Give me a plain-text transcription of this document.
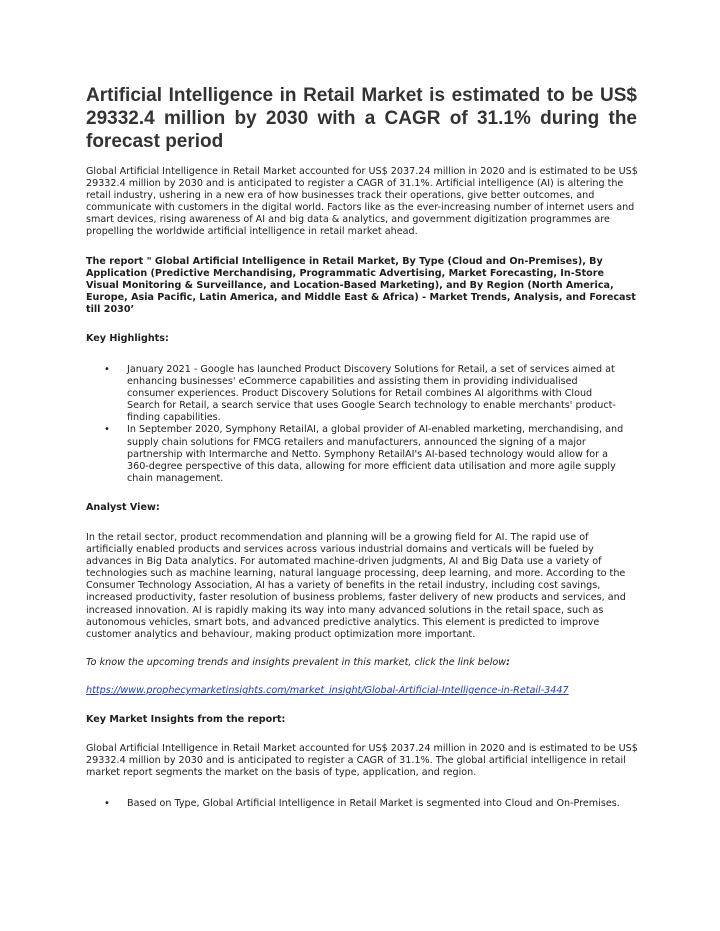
Artificial Intelligence in Retail Market is estimated to be US$ 29332.4 million by 2030 with a CAGR of 31.1% during the forecast period

Global Artificial Intelligence in Retail Market accounted for US$ 2037.24 million in 2020 and is estimated to be US$ 29332.4 million by 2030 and is anticipated to register a CAGR of 31.1%. Artificial intelligence (AI) is altering the retail industry, ushering in a new era of how businesses track their operations, give better outcomes, and communicate with customers in the digital world. Factors like as the ever-increasing number of internet users and smart devices, rising awareness of AI and big data & analytics, and government digitization programmes are propelling the worldwide artificial intelligence in retail market ahead.

The report " Global Artificial Intelligence in Retail Market, By Type (Cloud and On-Premises), By Application (Predictive Merchandising, Programmatic Advertising, Market Forecasting, In-Store Visual Monitoring & Surveillance, and Location-Based Marketing), and By Region (North America, Europe, Asia Pacific, Latin America, and Middle East & Africa) - Market Trends, Analysis, and Forecast till 2030’

Key Highlights:

• January 2021 - Google has launched Product Discovery Solutions for Retail, a set of services aimed at enhancing businesses' eCommerce capabilities and assisting them in providing individualised consumer experiences. Product Discovery Solutions for Retail combines AI algorithms with Cloud Search for Retail, a search service that uses Google Search technology to enable merchants' product-finding capabilities.
• In September 2020, Symphony RetailAI, a global provider of AI-enabled marketing, merchandising, and supply chain solutions for FMCG retailers and manufacturers, announced the signing of a major partnership with Intermarche and Netto. Symphony RetailAI's AI-based technology would allow for a 360-degree perspective of this data, allowing for more efficient data utilisation and more agile supply chain management.

Analyst View:

In the retail sector, product recommendation and planning will be a growing field for AI. The rapid use of artificially enabled products and services across various industrial domains and verticals will be fueled by advances in Big Data analytics. For automated machine-driven judgments, AI and Big Data use a variety of technologies such as machine learning, natural language processing, deep learning, and more. According to the Consumer Technology Association, AI has a variety of benefits in the retail industry, including cost savings, increased productivity, faster resolution of business problems, faster delivery of new products and services, and increased innovation. AI is rapidly making its way into many advanced solutions in the retail space, such as autonomous vehicles, smart bots, and advanced predictive analytics. This element is predicted to improve customer analytics and behaviour, making product optimization more important.

To know the upcoming trends and insights prevalent in this market, click the link below:

https://www.prophecymarketinsights.com/market_insight/Global-Artificial-Intelligence-in-Retail-3447

Key Market Insights from the report:

Global Artificial Intelligence in Retail Market accounted for US$ 2037.24 million in 2020 and is estimated to be US$ 29332.4 million by 2030 and is anticipated to register a CAGR of 31.1%. The global artificial intelligence in retail market report segments the market on the basis of type, application, and region.

• Based on Type, Global Artificial Intelligence in Retail Market is segmented into Cloud and On-Premises.
